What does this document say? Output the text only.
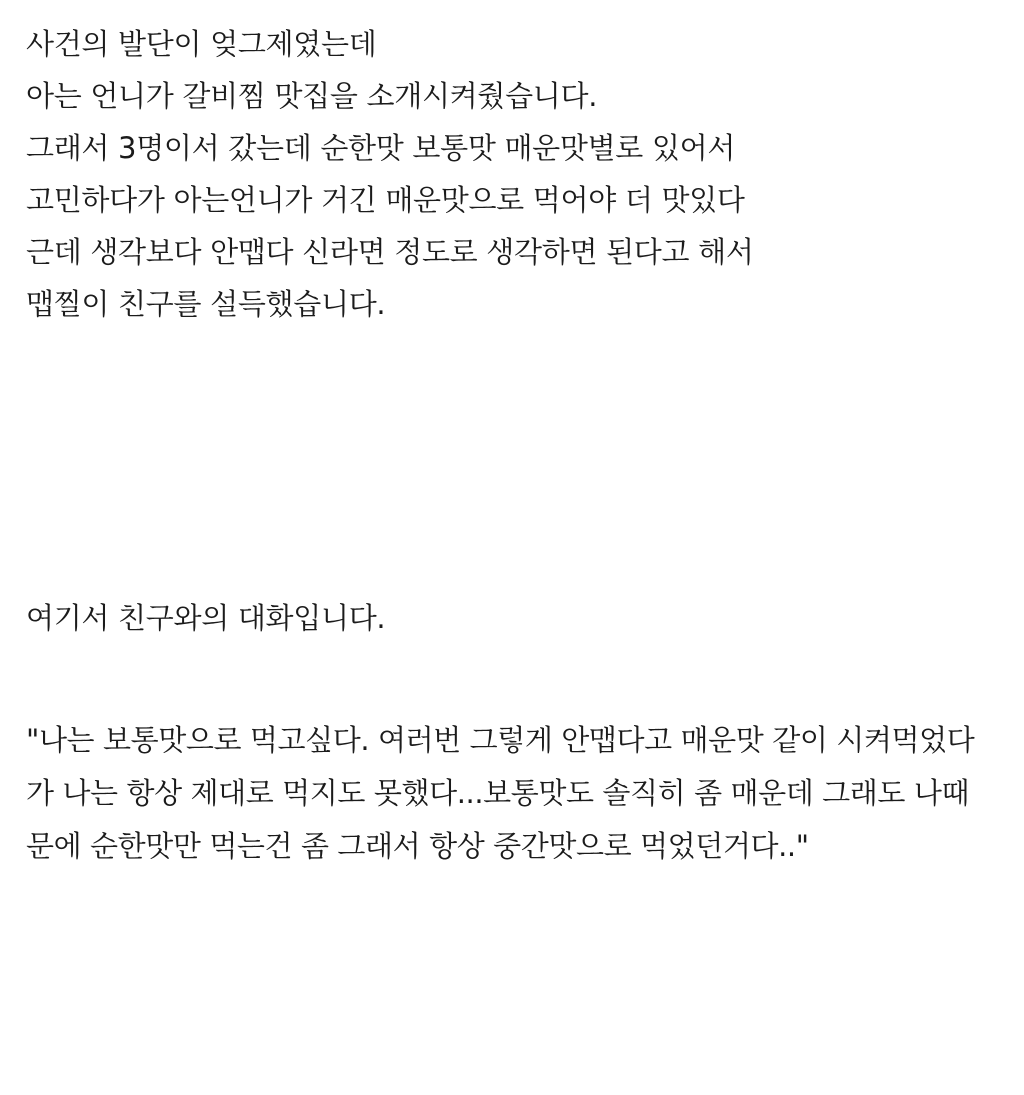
사건의 발단이 엊그제였는데
아는 언니가 갈비찜 맛집을 소개시켜줬습니다.
그래서 3명이서 갔는데 순한맛 보통맛 매운맛별로 있어서
고민하다가 아는언니가 거긴 매운맛으로 먹어야 더 맛있다
근데 생각보다 안맵다 신라면 정도로 생각하면 된다고 해서
맵찔이 친구를 설득했습니다.
여기서 친구와의 대화입니다.
"나는 보통맛으로 먹고싶다. 여러번 그렇게 안맵다고 매운맛 같이 시켜먹었다가 나는 항상 제대로 먹지도 못했다...보통맛도 솔직히 좀 매운데 그래도 나때문에 순한맛만 먹는건 좀 그래서 항상 중간맛으로 먹었던거다.."
